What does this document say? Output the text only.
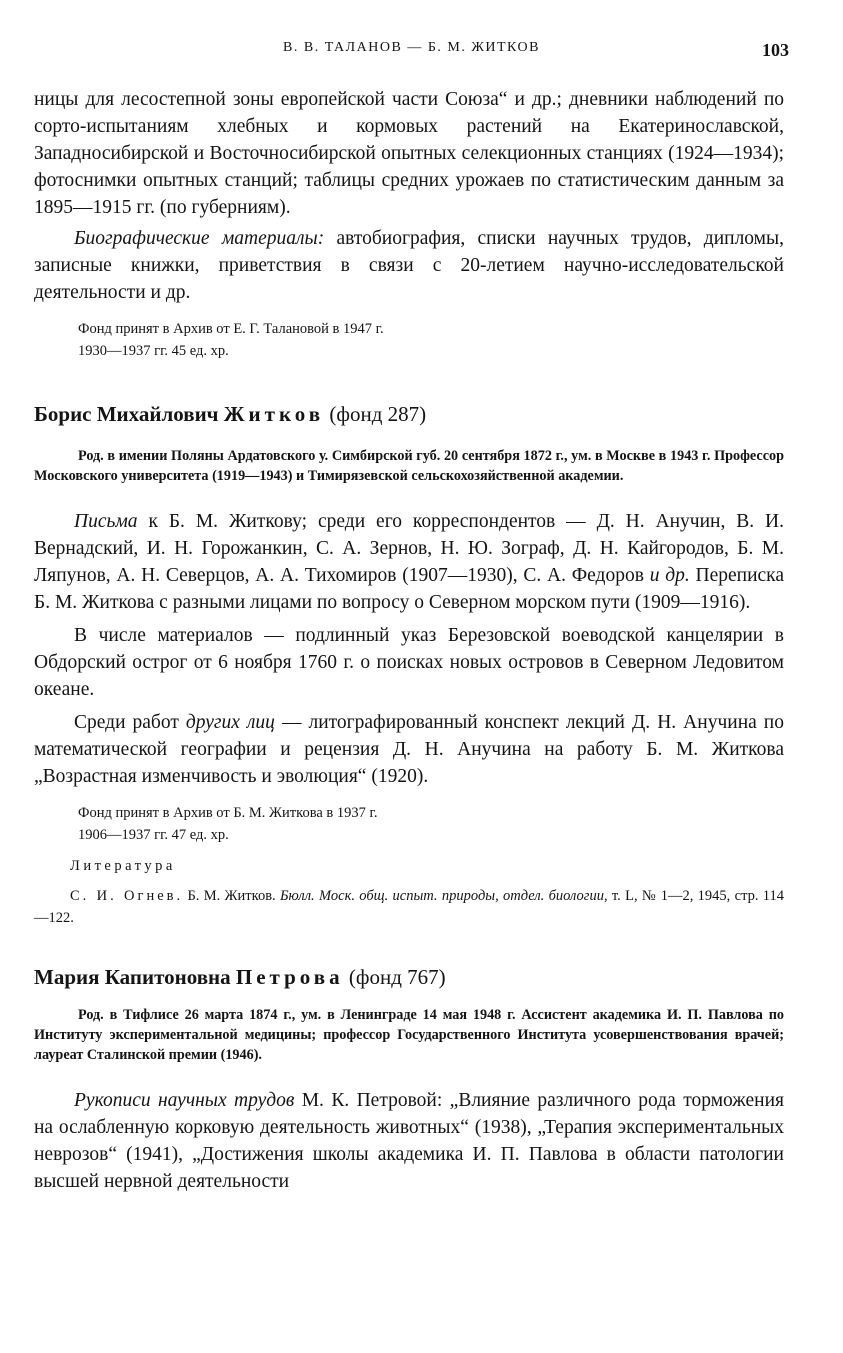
В. В. ТАЛАНОВ — Б. М. ЖИТКОВ	103

ницы для лесостепной зоны европейской части Союза“ и др.; дневники наблюдений по сорто-испытаниям хлебных и кормовых растений на Екатеринославской, Западносибирской и Восточносибирской опытных селекционных станциях (1924—1934); фотоснимки опытных станций; таблицы средних урожаев по статистическим данным за 1895—1915 гг. (по губерниям).

Биографические материалы: автобиография, списки научных трудов, дипломы, записные книжки, приветствия в связи с 20-летием научно-исследовательской деятельности и др.

Фонд принят в Архив от Е. Г. Талановой в 1947 г.
1930—1937 гг. 45 ед. хр.
Борис Михайлович Житков (фонд 287)

Род. в имении Поляны Ардатовского у. Симбирской губ. 20 сентября 1872 г., ум. в Москве в 1943 г. Профессор Московского университета (1919—1943) и Тимирязевской сельскохозяйственной академии.

Письма к Б. М. Житкову; среди его корреспондентов — Д. Н. Анучин, В. И. Вернадский, И. Н. Горожанкин, С. А. Зернов, Н. Ю. Зограф, Д. Н. Кайгородов, Б. М. Ляпунов, А. Н. Северцов, А. А. Тихомиров (1907—1930), С. А. Федоров и др. Переписка Б. М. Житкова с разными лицами по вопросу о Северном морском пути (1909—1916).

В числе материалов — подлинный указ Березовской воеводской канцелярии в Обдорский острог от 6 ноября 1760 г. о поисках новых островов в Северном Ледовитом океане.

Среди работ других лиц — литографированный конспект лекций Д. Н. Анучина по математической географии и рецензия Д. Н. Анучина на работу Б. М. Житкова „Возрастная изменчивость и эволюция“ (1920).

Фонд принят в Архив от Б. М. Житкова в 1937 г.
1906—1937 гг. 47 ед. хр.
Литература

С. И. Огнев. Б. М. Житков. Бюлл. Моск. общ. испыт. природы, отдел. биологии, т. L, № 1—2, 1945, стр. 114—122.

Мария Капитоновна Петрова (фонд 767)

Род. в Тифлисе 26 марта 1874 г., ум. в Ленинграде 14 мая 1948 г. Ассистент академика И. П. Павлова по Институту экспериментальной медицины; профессор Государственного Института усовершенствования врачей; лауреат Сталинской премии (1946).

Рукописи научных трудов М. К. Петровой: „Влияние различного рода торможения на ослабленную корковую деятельность животных“ (1938), „Терапия экспериментальных неврозов“ (1941), „Достижения школы академика И. П. Павлова в области патологии высшей нервной деятельности
